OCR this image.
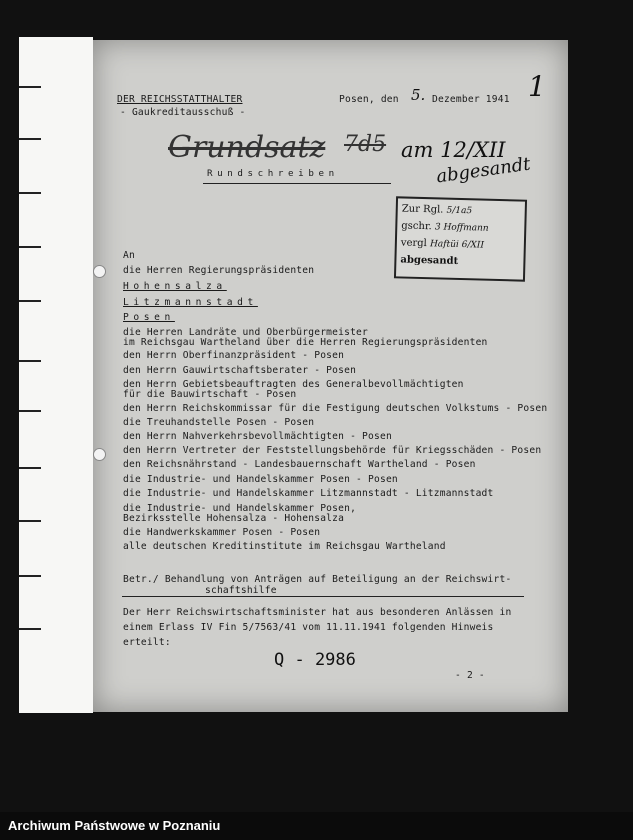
DER REICHSSTATTHALTER
- Gaukreditausschuß -
Posen, den 5. Dezember 1941 1
Grundsatz 7d5 am 12/XII
abgesandt
Rundschreiben
Zur Rgl. 5/1a5
gschr. 3 Hoffmann
vergl Haftüi 6/XII
abgesandt
An
die Herren Regierungspräsidenten
Hohensalza
Litzmannstadt
Posen
die Herren Landräte und Oberbürgermeister
im Reichsgau Wartheland über die Herren Regierungspräsidenten
den Herrn Oberfinanzpräsident - Posen
den Herrn Gauwirtschaftsberater - Posen
den Herrn Gebietsbeauftragten des Generalbevollmächtigten
für die Bauwirtschaft - Posen
den Herrn Reichskommissar für die Festigung deutschen Volkstums - Posen
die Treuhandstelle Posen - Posen
den Herrn Nahverkehrsbevollmächtigten - Posen
den Herrn Vertreter der Feststellungsbehörde für Kriegsschäden - Posen
den Reichsnährstand - Landesbauernschaft Wartheland - Posen
die Industrie- und Handelskammer Posen - Posen
die Industrie- und Handelskammer Litzmannstadt - Litzmannstadt
die Industrie- und Handelskammer Posen,
Bezirksstelle Hohensalza - Hohensalza
die Handwerkskammer Posen - Posen
alle deutschen Kreditinstitute im Reichsgau Wartheland
Betr./ Behandlung von Anträgen auf Beteiligung an der Reichswirt-
schaftshilfe
Der Herr Reichswirtschaftsminister hat aus besonderen Anlässen in
einem Erlass IV Fin 5/7563/41 vom 11.11.1941 folgenden Hinweis
erteilt:
Q - 2986
- 2 -
Archiwum Państwowe w Poznaniu
